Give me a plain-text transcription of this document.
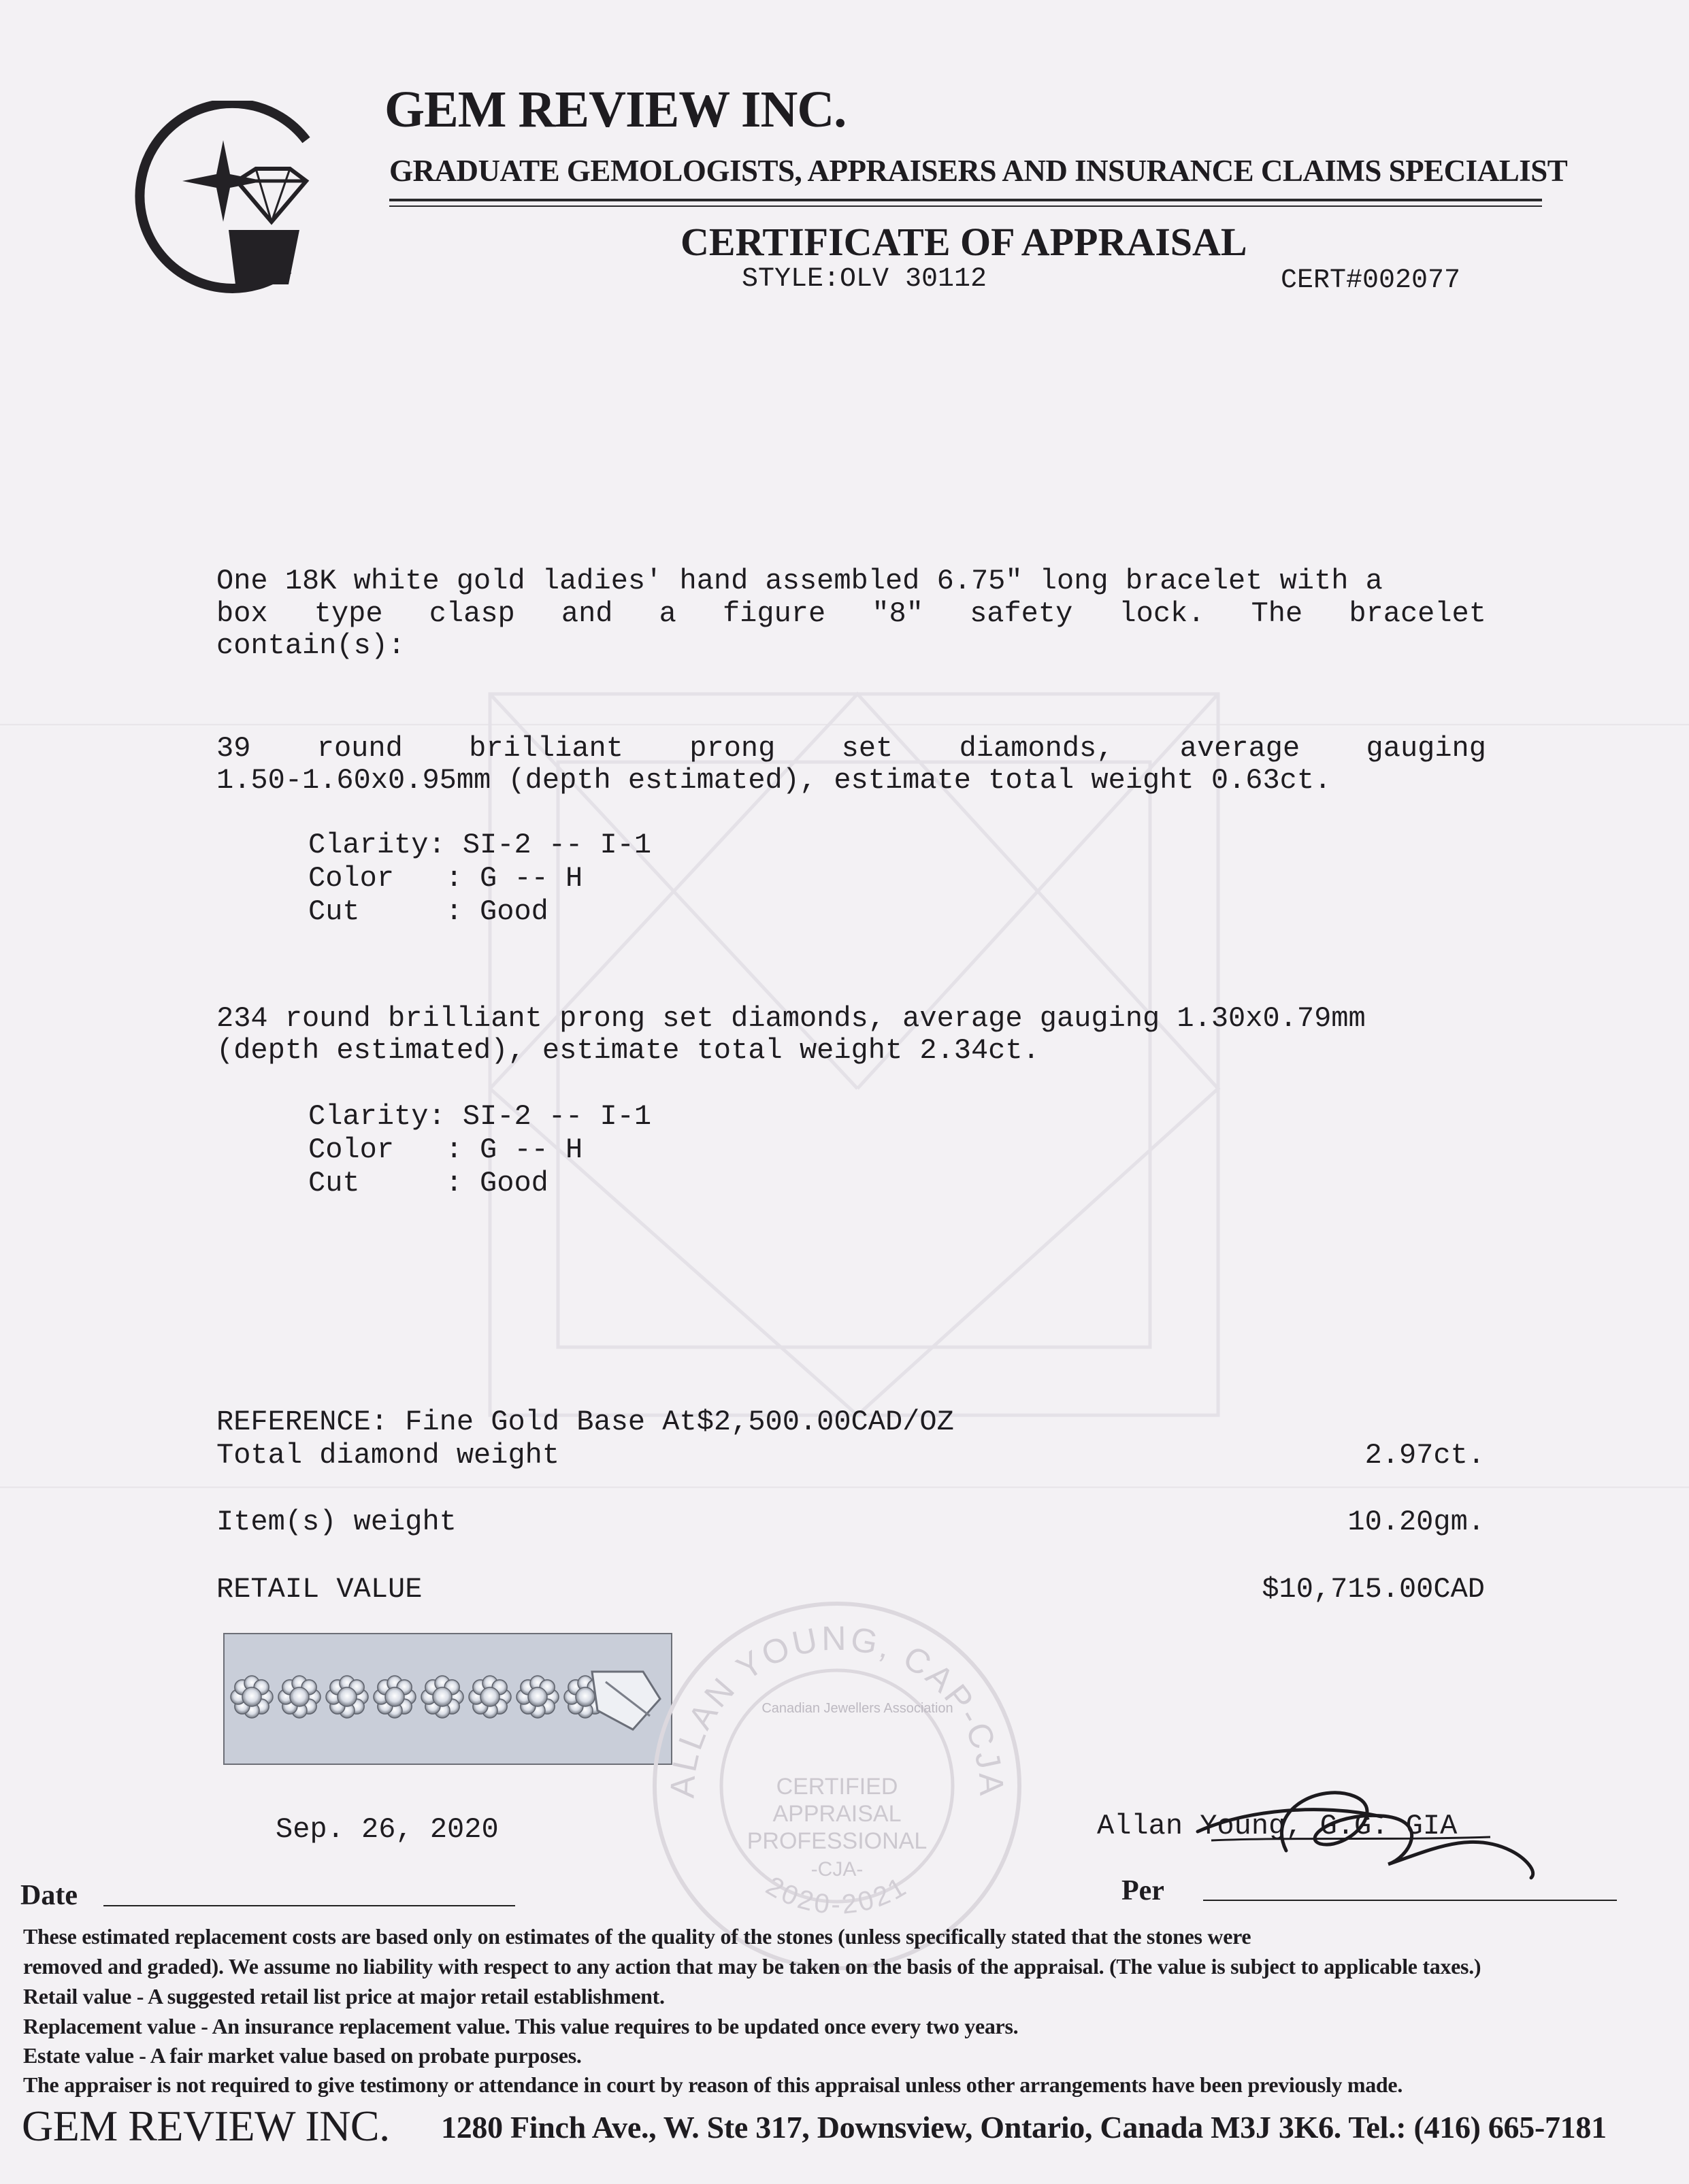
GEM REVIEW INC.
GRADUATE GEMOLOGISTS, APPRAISERS AND INSURANCE CLAIMS SPECIALIST
CERTIFICATE OF APPRAISAL
STYLE:OLV 30112	CERT#002077
One 18K white gold ladies' hand assembled 6.75" long bracelet with a
box type clasp and a figure "8" safety lock. The bracelet
contain(s):
39 round brilliant prong set diamonds, average gauging
1.50-1.60x0.95mm (depth estimated), estimate total weight 0.63ct.
Clarity: SI-2 -- I-1
Color   : G -- H
Cut     : Good
234 round brilliant prong set diamonds, average gauging 1.30x0.79mm
(depth estimated), estimate total weight 2.34ct.
Clarity: SI-2 -- I-1
Color   : G -- H
Cut     : Good
REFERENCE: Fine Gold Base At$2,500.00CAD/OZ
Total diamond weight	2.97ct.
Item(s) weight	10.20gm.
RETAIL VALUE	$10,715.00CAD
ALLAN YOUNG, CAP-CJA
Canadian Jewellers Association
CERTIFIED
APPRAISAL
PROFESSIONAL
-CJA-
2020-2021
Sep. 26, 2020
Date
Allan Young, G.G. GIA
Per
These estimated replacement costs are based only on estimates of the quality of the stones (unless specifically stated that the stones were
removed and graded). We assume no liability with respect to any action that may be taken on the basis of the appraisal. (The value is subject to applicable taxes.)
Retail value - A suggested retail list price at major retail establishment.
Replacement value - An insurance replacement value. This value requires to be updated once every two years.
Estate value - A fair market value based on probate purposes.
The appraiser is not required to give testimony or attendance in court by reason of this appraisal unless other arrangements have been previously made.
GEM REVIEW INC. 1280 Finch Ave., W. Ste 317, Downsview, Ontario, Canada M3J 3K6. Tel.: (416) 665-7181
